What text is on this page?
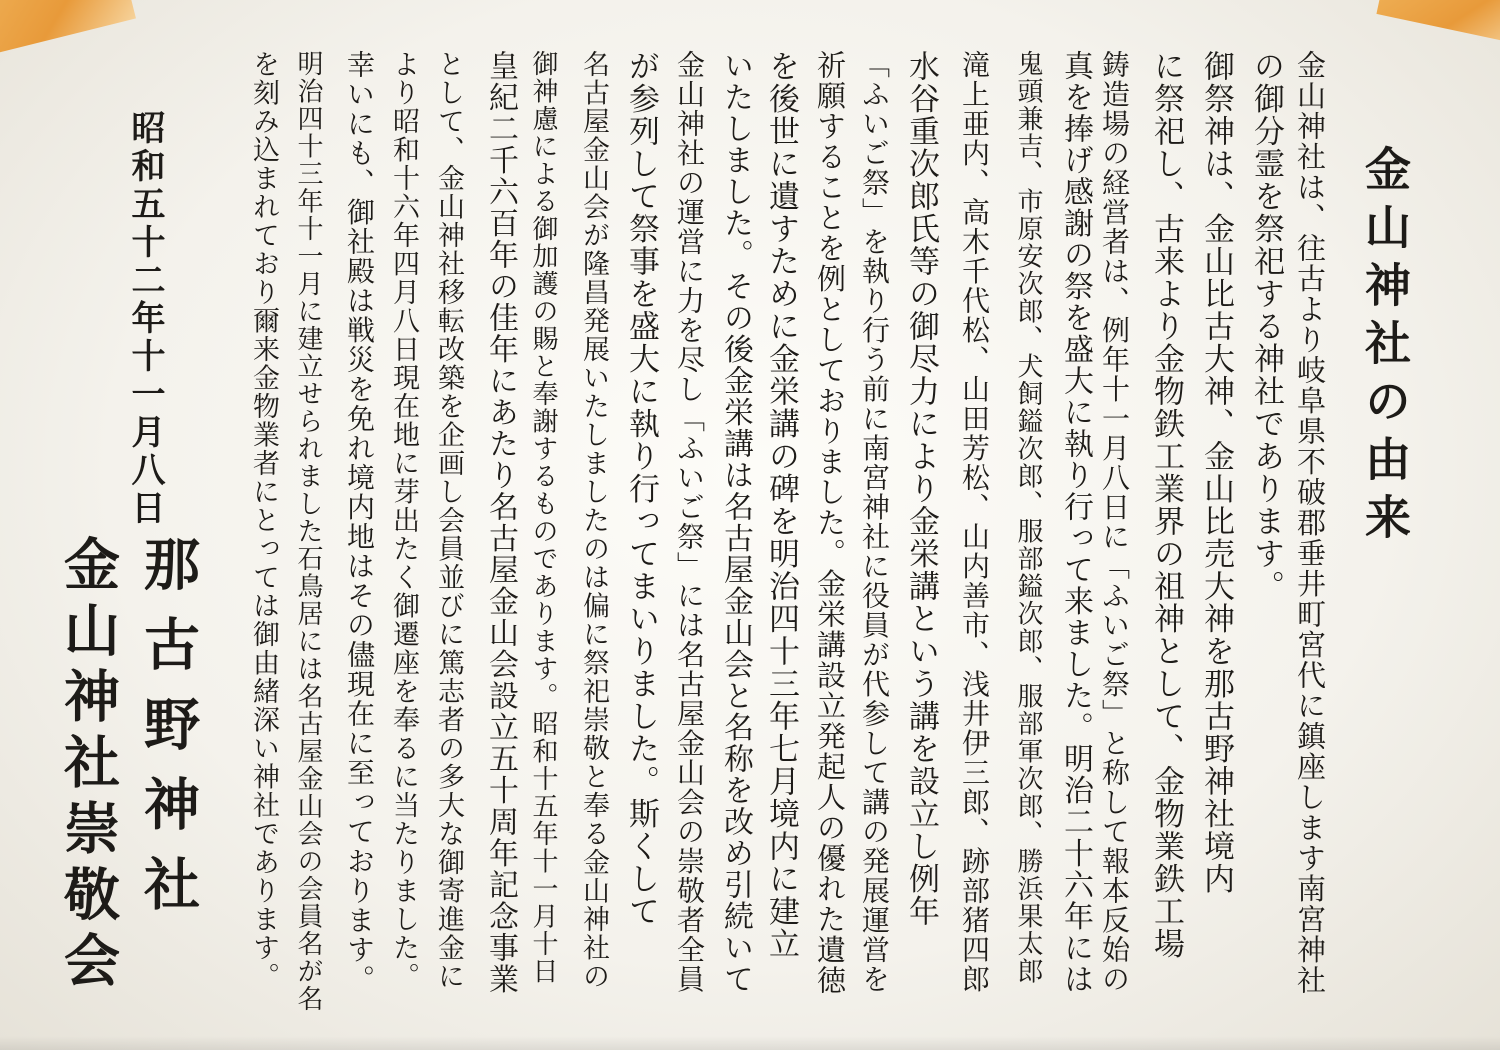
金山神社の由来
金山神社は、往古より岐阜県不破郡垂井町宮代に鎮座します南宮神社
の御分霊を祭祀する神社であります。
御祭神は、金山比古大神、金山比売大神を那古野神社境内
に祭祀し、古来より金物鉄工業界の祖神として、金物業鉄工場
鋳造場の経営者は、例年十一月八日に「ふいご祭」と称して報本反始の
真を捧げ感謝の祭を盛大に執り行って来ました。明治二十六年には
鬼頭兼吉、市原安次郎、犬飼鎰次郎、服部鎰次郎、服部軍次郎、勝浜果太郎
滝上亜内、高木千代松、山田芳松、山内善市、浅井伊三郎、跡部猪四郎
水谷重次郎氏等の御尽力により金栄講という講を設立し例年
「ふいご祭」を執り行う前に南宮神社に役員が代参して講の発展運営を
祈願することを例としておりました。金栄講設立発起人の優れた遺徳
を後世に遺すために金栄講の碑を明治四十三年七月境内に建立
いたしました。その後金栄講は名古屋金山会と名称を改め引続いて
金山神社の運営に力を尽し「ふいご祭」には名古屋金山会の崇敬者全員
が参列して祭事を盛大に執り行ってまいりました。斯くして
名古屋金山会が隆昌発展いたしましたのは偏に祭祀崇敬と奉る金山神社の
御神慮による御加護の賜と奉謝するものであります。昭和十五年十一月十日
皇紀二千六百年の佳年にあたり名古屋金山会設立五十周年記念事業
として、金山神社移転改築を企画し会員並びに篤志者の多大な御寄進金に
より昭和十六年四月八日現在地に芽出たく御遷座を奉るに当たりました。
幸いにも、御社殿は戦災を免れ境内地はその儘現在に至っております。
明治四十三年十一月に建立せられました石鳥居には名古屋金山会の会員名が名
を刻み込まれており爾来金物業者にとっては御由緒深い神社であります。
昭和五十二年十一月八日
那古野神社
金山神社崇敬会
